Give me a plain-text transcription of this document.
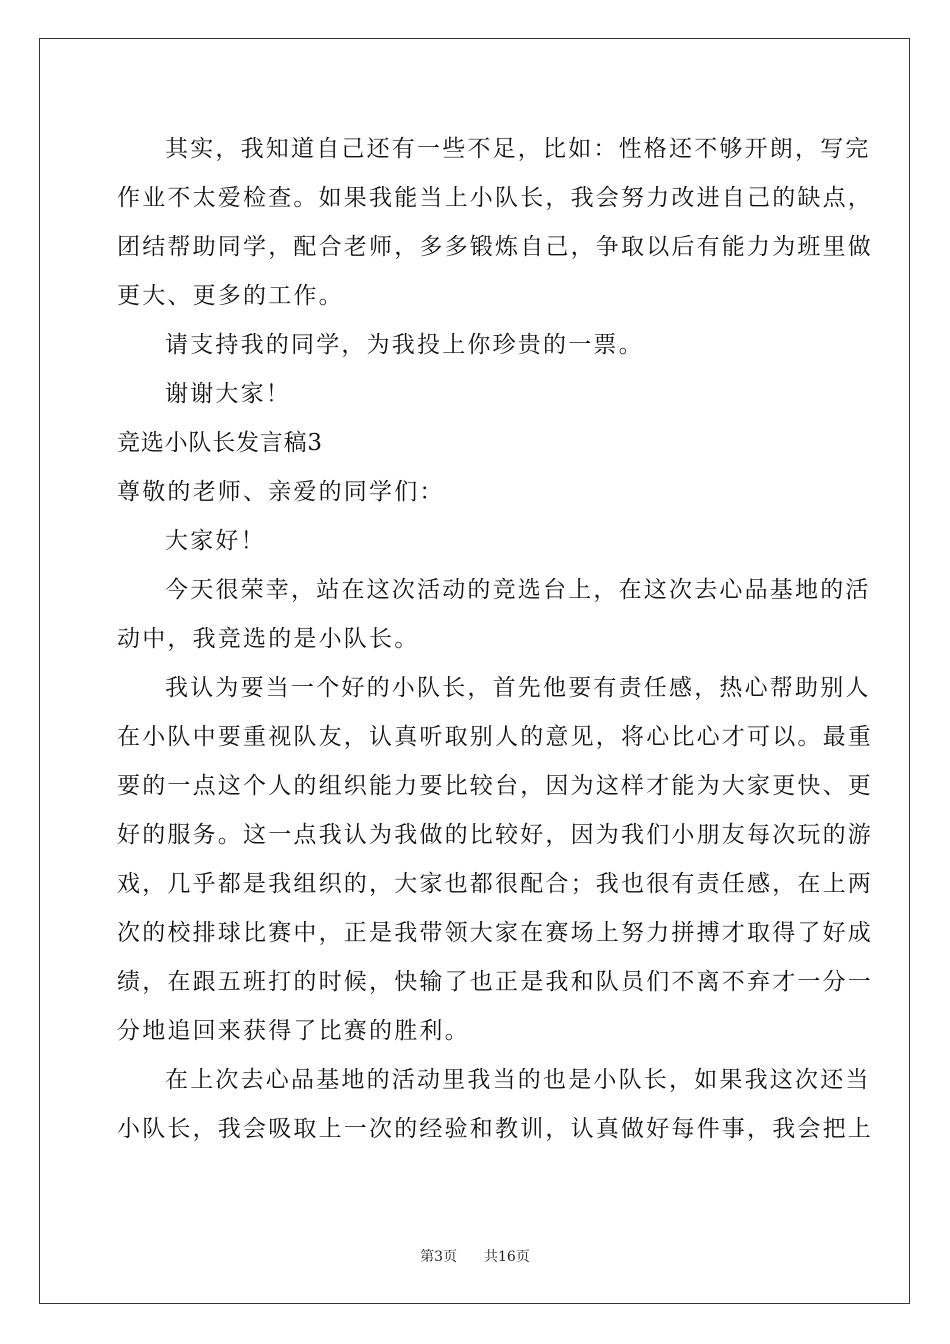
其实，我知道自己还有一些不足，比如：性格还不够开朗，写完
作业不太爱检查。如果我能当上小队长，我会努力改进自己的缺点，
团结帮助同学，配合老师，多多锻炼自己，争取以后有能力为班里做
更大、更多的工作。
请支持我的同学，为我投上你珍贵的一票。
谢谢大家！
竞选小队长发言稿3
尊敬的老师、亲爱的同学们：
大家好！
今天很荣幸，站在这次活动的竞选台上，在这次去心品基地的活
动中，我竞选的是小队长。
我认为要当一个好的小队长，首先他要有责任感，热心帮助别人
在小队中要重视队友，认真听取别人的意见，将心比心才可以。最重
要的一点这个人的组织能力要比较台，因为这样才能为大家更快、更
好的服务。这一点我认为我做的比较好，因为我们小朋友每次玩的游
戏，几乎都是我组织的，大家也都很配合；我也很有责任感，在上两
次的校排球比赛中，正是我带领大家在赛场上努力拼搏才取得了好成
绩，在跟五班打的时候，快输了也正是我和队员们不离不弃才一分一
分地追回来获得了比赛的胜利。
在上次去心品基地的活动里我当的也是小队长，如果我这次还当
小队长，我会吸取上一次的经验和教训，认真做好每件事，我会把上
第3页 共16页
